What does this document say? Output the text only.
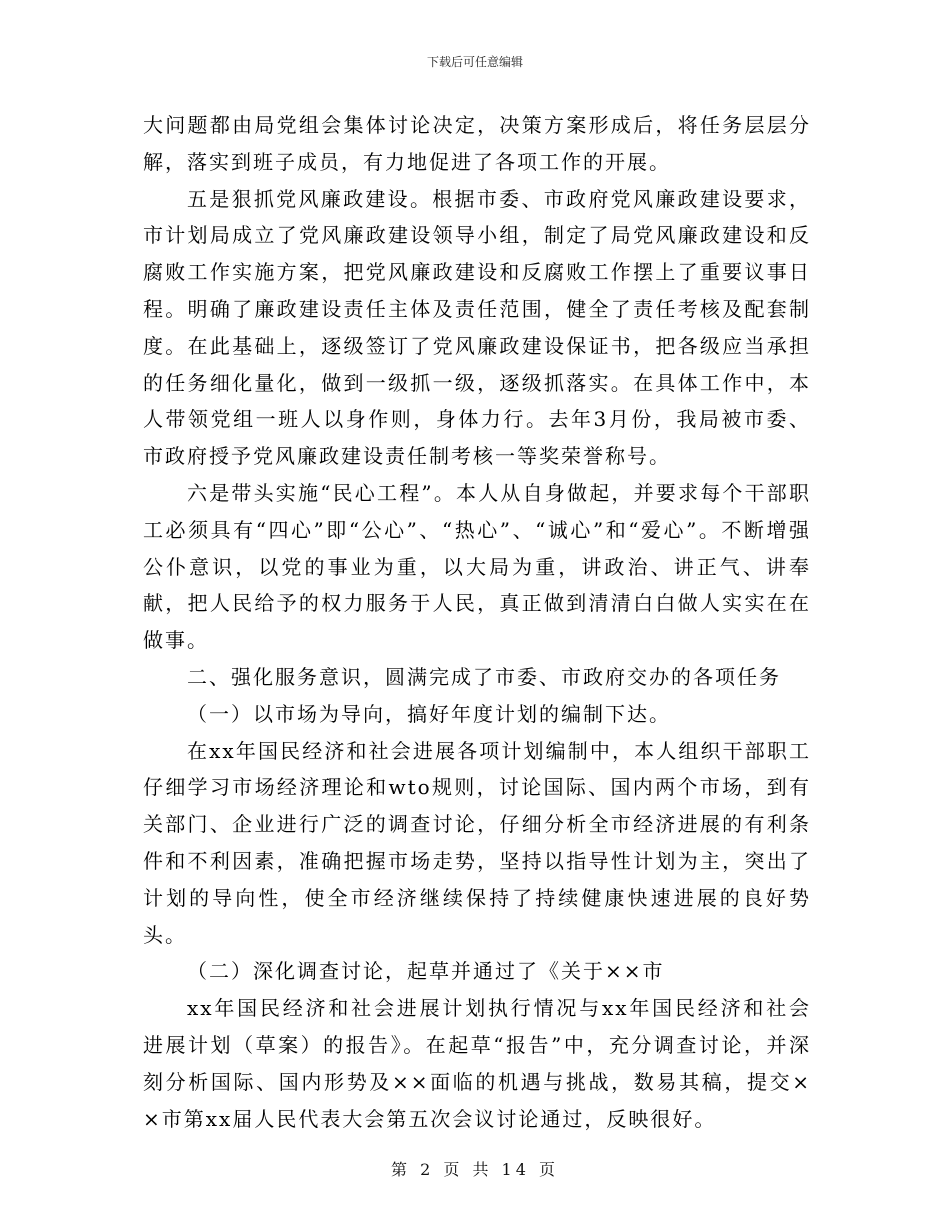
下载后可任意编辑

大问题都由局党组会集体讨论决定，决策方案形成后，将任务层层分解，落实到班子成员，有力地促进了各项工作的开展。

五是狠抓党风廉政建设。根据市委、市政府党风廉政建设要求，市计划局成立了党风廉政建设领导小组，制定了局党风廉政建设和反腐败工作实施方案，把党风廉政建设和反腐败工作摆上了重要议事日程。明确了廉政建设责任主体及责任范围，健全了责任考核及配套制度。在此基础上，逐级签订了党风廉政建设保证书，把各级应当承担的任务细化量化，做到一级抓一级，逐级抓落实。在具体工作中，本人带领党组一班人以身作则，身体力行。去年3月份，我局被市委、市政府授予党风廉政建设责任制考核一等奖荣誉称号。

六是带头实施“民心工程”。本人从自身做起，并要求每个干部职工必须具有“四心”即“公心”、“热心”、“诚心”和“爱心”。不断增强公仆意识，以党的事业为重，以大局为重，讲政治、讲正气、讲奉献，把人民给予的权力服务于人民，真正做到清清白白做人实实在在做事。

二、强化服务意识，圆满完成了市委、市政府交办的各项任务

（一）以市场为导向，搞好年度计划的编制下达。

在xx年国民经济和社会进展各项计划编制中，本人组织干部职工仔细学习市场经济理论和wto规则，讨论国际、国内两个市场，到有关部门、企业进行广泛的调查讨论，仔细分析全市经济进展的有利条件和不利因素，准确把握市场走势，坚持以指导性计划为主，突出了计划的导向性，使全市经济继续保持了持续健康快速进展的良好势头。

（二）深化调查讨论，起草并通过了《关于××市

xx年国民经济和社会进展计划执行情况与xx年国民经济和社会进展计划（草案）的报告》。在起草“报告”中，充分调查讨论，并深刻分析国际、国内形势及××面临的机遇与挑战，数易其稿，提交××市第xx届人民代表大会第五次会议讨论通过，反映很好。

第 2 页 共 14 页
